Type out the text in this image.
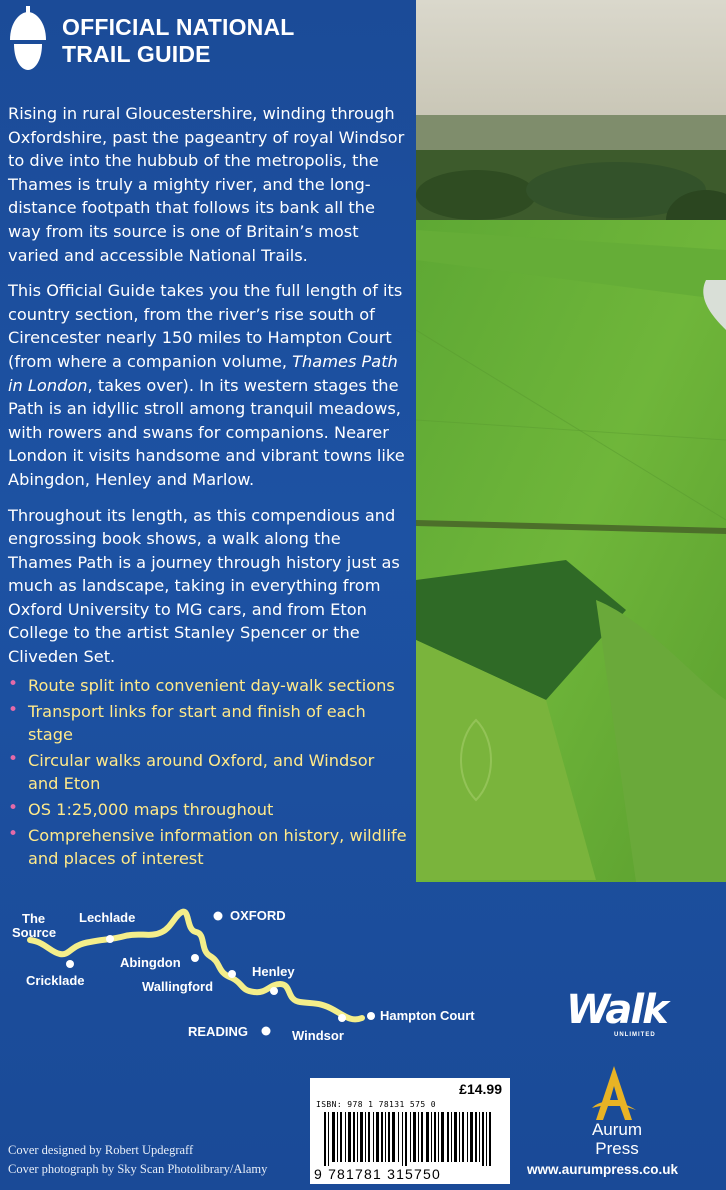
OFFICIAL NATIONAL
TRAIL GUIDE

Rising in rural Gloucestershire, winding through Oxfordshire, past the pageantry of royal Windsor to dive into the hubbub of the metropolis, the Thames is truly a mighty river, and the long-distance footpath that follows its bank all the way from its source is one of Britain’s most varied and accessible National Trails.

This Official Guide takes you the full length of its country section, from the river’s rise south of Cirencester nearly 150 miles to Hampton Court (from where a companion volume, Thames Path in London, takes over). In its western stages the Path is an idyllic stroll among tranquil meadows, with rowers and swans for companions. Nearer London it visits handsome and vibrant towns like Abingdon, Henley and Marlow.

Throughout its length, as this compendious and engrossing book shows, a walk along the Thames Path is a journey through history just as much as landscape, taking in everything from Oxford University to MG cars, and from Eton College to the artist Stanley Spencer or the Cliveden Set.

• Route split into convenient day-walk sections
• Transport links for start and finish of each stage
• Circular walks around Oxford, and Windsor and Eton
• OS 1:25,000 maps throughout
• Comprehensive information on history, wildlife and places of interest
The
Source
Lechlade
Cricklade
OXFORD
Abingdon
Wallingford
Henley
READING	Windsor
Hampton Court Walk
UNLIMITED
£14.99
ISBN: 978 1 78131 575 0
9 781781 315750
Aurum
Press
www.aurumpress.co.uk
Cover designed by Robert Updegraff
Cover photograph by Sky Scan Photolibrary/Alamy
